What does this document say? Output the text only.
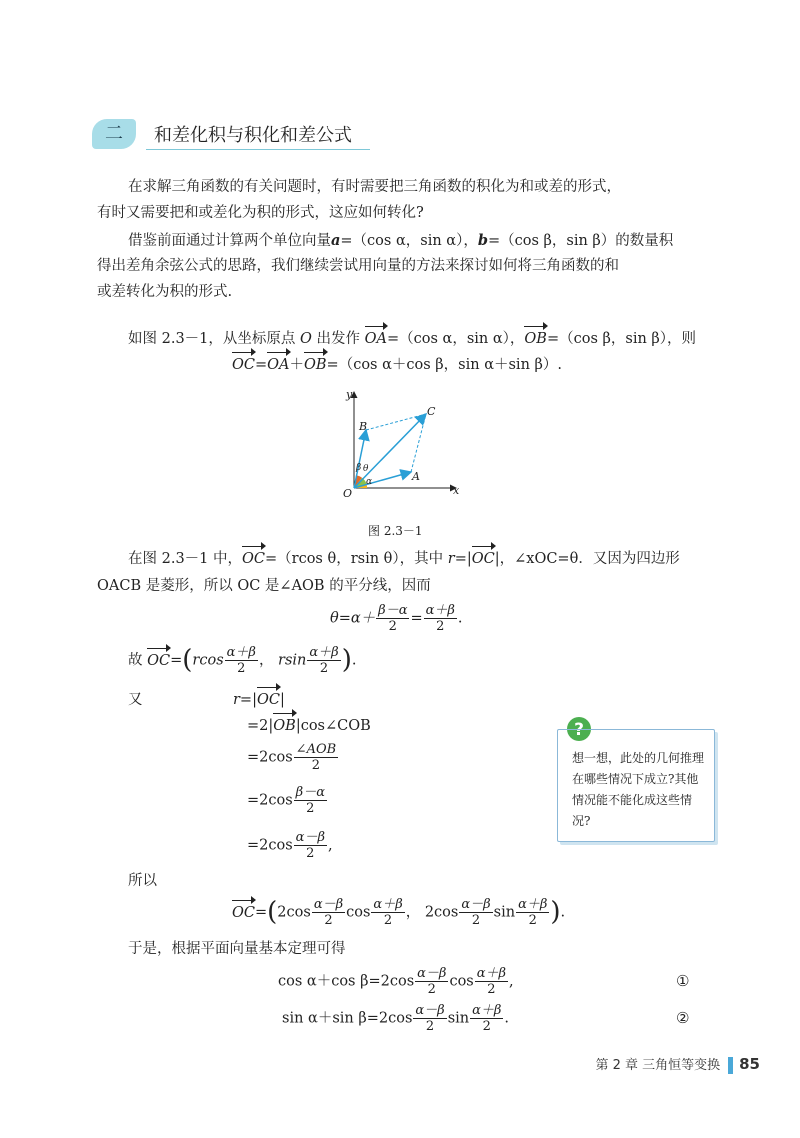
二	和差化积与积化和差公式
在求解三角函数的有关问题时，有时需要把三角函数的积化为和或差的形式，
有时又需要把和或差化为积的形式，这应如何转化?
借鉴前面通过计算两个单位向量a=（cos α，sin α），b=（cos β，sin β）的数量积
得出差角余弦公式的思路，我们继续尝试用向量的方法来探讨如何将三角函数的和
或差转化为积的形式.
如图 2.3－1，从坐标原点 O 出发作 OA=（cos α，sin α），OB=（cos β，sin β），则
OC=OA＋OB=（cos α＋cos β，sin α＋sin β）.
y
x
O
A
B
C
α
θ
β
图 2.3－1
在图 2.3－1 中，OC=（rcos θ，rsin θ），其中 r=|OC|，∠xOC=θ．又因为四边形
OACB 是菱形，所以 OC 是∠AOB 的平分线，因而
$\theta=\alpha+ \frac{\beta-\alpha}{2} = \frac{\alpha+\beta}{2}$ .
故 $OC=(rcos \frac{\alpha+\beta}{2}$ ， rsin $\frac{\alpha+\beta}{2}$ ).
又	r=|OC|
=2|OB|cos∠COB
$=2\cos \frac{\text{∠AOB}}{2}$
$=2\cos \frac{\beta-\alpha}{2}$
$=2\cos \frac{\alpha-\beta}{2}$ ,
?
想一想，此处的几何推理在哪些情况下成立?其他情况能不能化成这些情况?
所以
$OC=(2\cos \frac{\alpha-\beta}{2}$ $\cos \frac{\alpha+\beta}{2}$ ， $2\cos \frac{\alpha-\beta}{2}$ $\sin \frac{\alpha+\beta}{2}$ ).
于是，根据平面向量基本定理可得
cos α＋cos $\beta=2\cos \frac{\alpha-\beta}{2}$ $\cos \frac{\alpha+\beta}{2}$ ,	①
sin α＋sin $\beta=2\cos \frac{\alpha-\beta}{2}$ $\sin \frac{\alpha+\beta}{2}$ .	②
第 2 章 三角恒等变换 85
